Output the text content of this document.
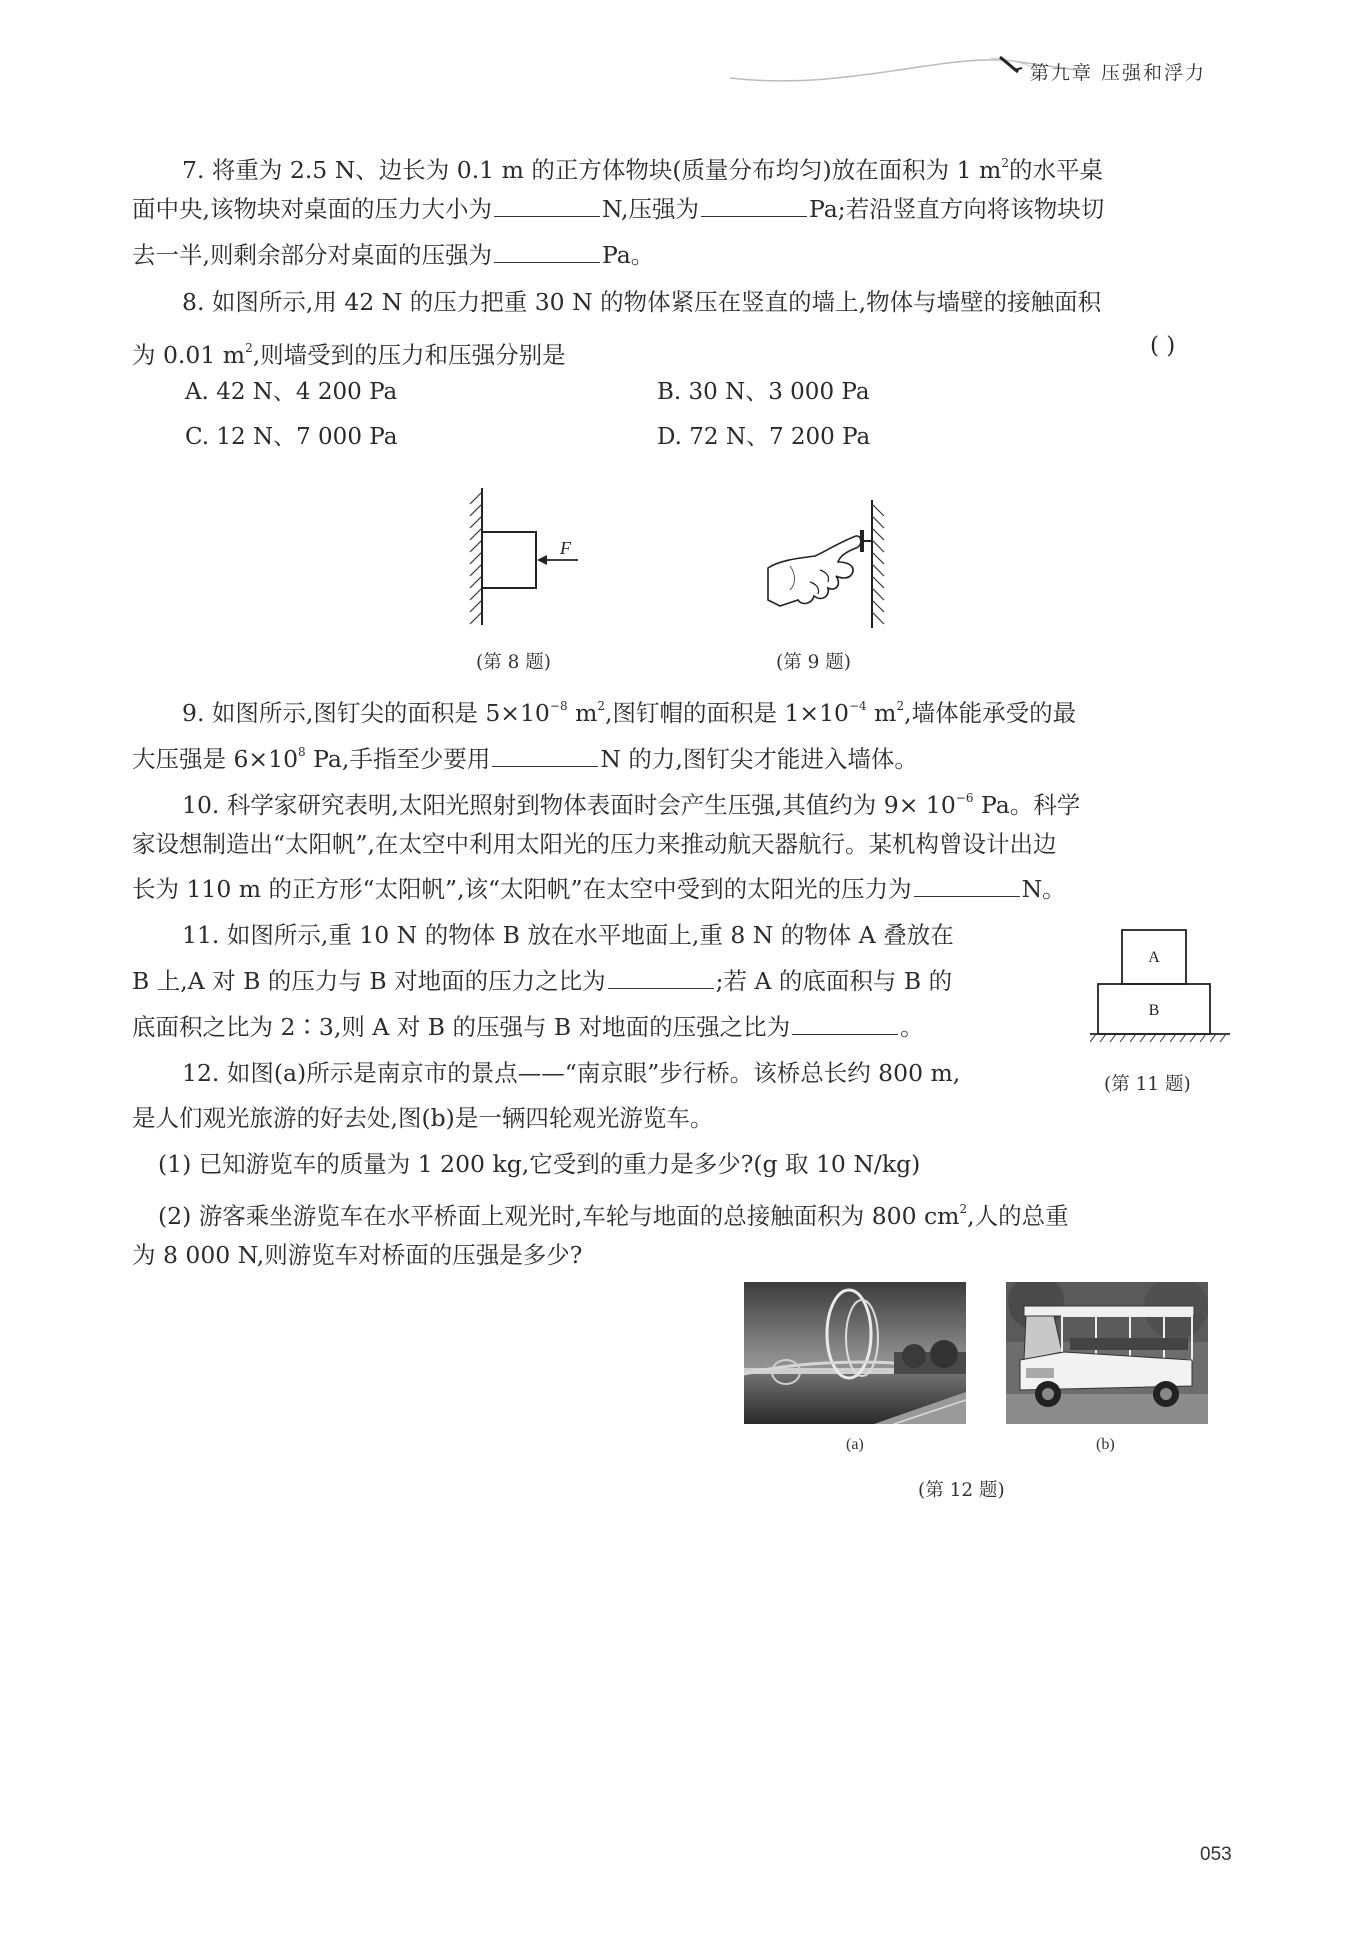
第九章 压强和浮力
7. 将重为 2.5 N、边长为 0.1 m 的正方体物块(质量分布均匀)放在面积为 1 $m^2$的水平桌
面中央,该物块对桌面的压力大小为	N,压强为	Pa;若沿竖直方向将该物块切
去一半,则剩余部分对桌面的压强为	Pa。
8. 如图所示,用 42 N 的压力把重 30 N 的物体紧压在竖直的墙上,物体与墙壁的接触面积
为 0.01 $m^2$,则墙受到的压力和压强分别是	( )
A. 42 N、4 200 Pa	B. 30 N、3 000 Pa
C. 12 N、7 000 Pa	D. 72 N、7 200 Pa
F
(第 8 题)	(第 9 题)
9. 如图所示,图钉尖的面积是 $5\times 10^{-8}$ $m^2$,图钉帽的面积是 $1\times 10^{-4}$ $m^2$,墙体能承受的最
大压强是 $6\times 10^8$ Pa,手指至少要用	N 的力,图钉尖才能进入墙体。
10. 科学家研究表明,太阳光照射到物体表面时会产生压强,其值约为 $9\times 10^{-6}$ Pa。科学
家设想制造出“太阳帆”,在太空中利用太阳光的压力来推动航天器航行。某机构曾设计出边
长为 110 m 的正方形“太阳帆”,该“太阳帆”在太空中受到的太阳光的压力为	N。
11. 如图所示,重 10 N 的物体 B 放在水平地面上,重 8 N 的物体 A 叠放在
B 上,A 对 B 的压力与 B 对地面的压力之比为	;若 A 的底面积与 B 的
底面积之比为 2∶3,则 A 对 B 的压强与 B 对地面的压强之比为	。
A
B
(第 11 题)
12. 如图(a)所示是南京市的景点——“南京眼”步行桥。该桥总长约 800 m,
是人们观光旅游的好去处,图(b)是一辆四轮观光游览车。
(1) 已知游览车的质量为 1 200 kg,它受到的重力是多少?(g 取 10 N/kg)
(2) 游客乘坐游览车在水平桥面上观光时,车轮与地面的总接触面积为 800 $cm^2$,人的总重
为 8 000 N,则游览车对桥面的压强是多少?
(a)	(b)
(第 12 题)
053
